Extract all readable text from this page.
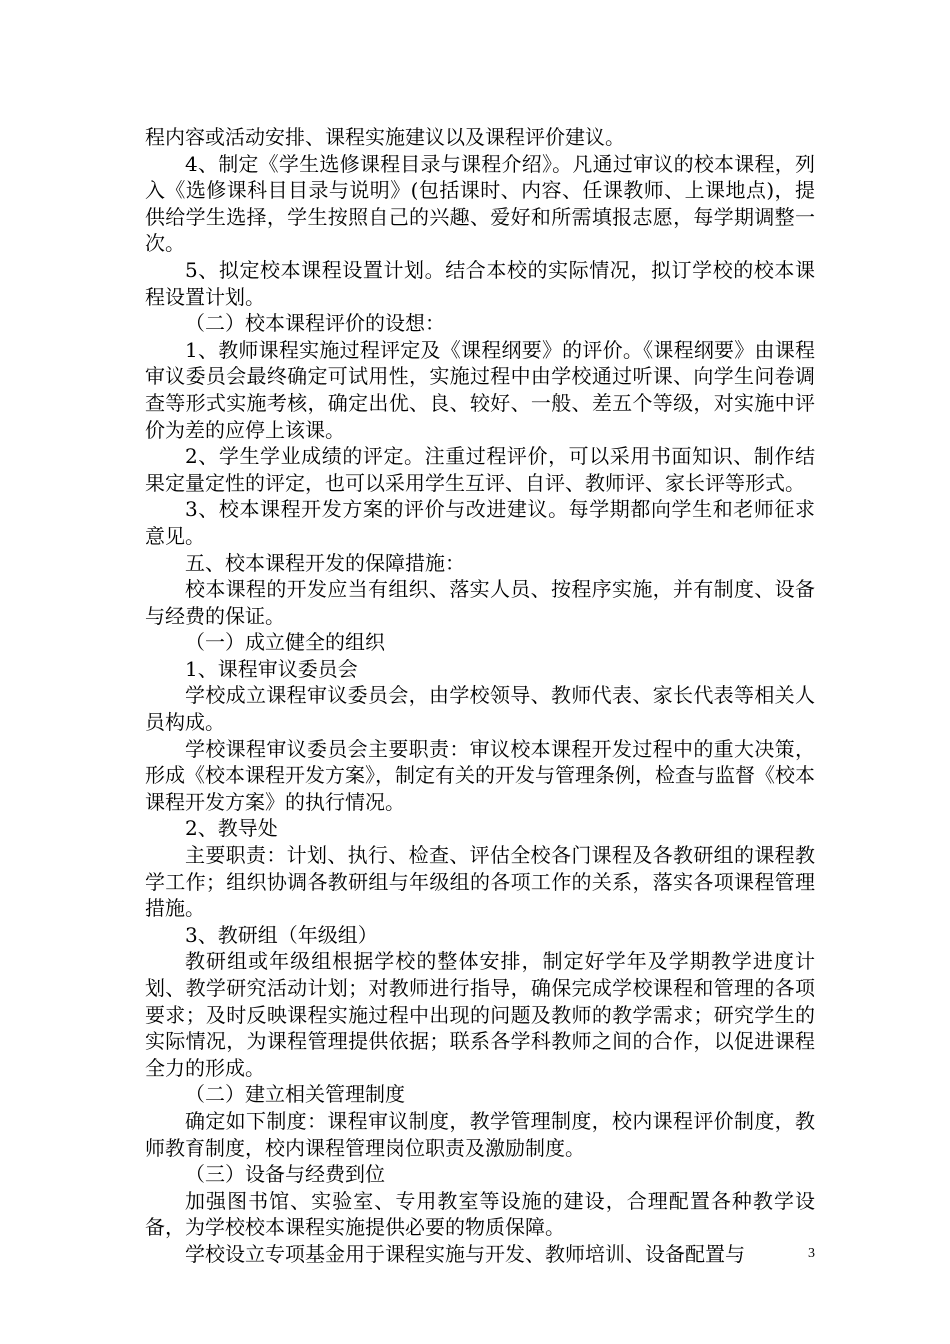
程内容或活动安排、课程实施建议以及课程评价建议。

4、制定《学生选修课程目录与课程介绍》。凡通过审议的校本课程，列入《选修课科目目录与说明》(包括课时、内容、任课教师、上课地点)，提供给学生选择，学生按照自己的兴趣、爱好和所需填报志愿，每学期调整一次。

5、拟定校本课程设置计划。结合本校的实际情况，拟订学校的校本课程设置计划。

（二）校本课程评价的设想：

1、教师课程实施过程评定及《课程纲要》的评价。《课程纲要》由课程审议委员会最终确定可试用性，实施过程中由学校通过听课、向学生问卷调查等形式实施考核，确定出优、良、较好、一般、差五个等级，对实施中评价为差的应停上该课。

2、学生学业成绩的评定。注重过程评价，可以采用书面知识、制作结果定量定性的评定，也可以采用学生互评、自评、教师评、家长评等形式。

3、校本课程开发方案的评价与改进建议。每学期都向学生和老师征求意见。

五、校本课程开发的保障措施：

校本课程的开发应当有组织、落实人员、按程序实施，并有制度、设备与经费的保证。

（一）成立健全的组织

1、课程审议委员会

学校成立课程审议委员会，由学校领导、教师代表、家长代表等相关人员构成。

学校课程审议委员会主要职责：审议校本课程开发过程中的重大决策，形成《校本课程开发方案》，制定有关的开发与管理条例，检查与监督《校本课程开发方案》的执行情况。

2、教导处

主要职责：计划、执行、检查、评估全校各门课程及各教研组的课程教学工作；组织协调各教研组与年级组的各项工作的关系，落实各项课程管理措施。

3、教研组（年级组）

教研组或年级组根据学校的整体安排，制定好学年及学期教学进度计划、教学研究活动计划；对教师进行指导，确保完成学校课程和管理的各项要求；及时反映课程实施过程中出现的问题及教师的教学需求；研究学生的实际情况，为课程管理提供依据；联系各学科教师之间的合作，以促进课程全力的形成。

（二）建立相关管理制度

确定如下制度：课程审议制度，教学管理制度，校内课程评价制度，教师教育制度，校内课程管理岗位职责及激励制度。

（三）设备与经费到位

加强图书馆、实验室、专用教室等设施的建设，合理配置各种教学设备，为学校校本课程实施提供必要的物质保障。

学校设立专项基金用于课程实施与开发、教师培训、设备配置与	3
